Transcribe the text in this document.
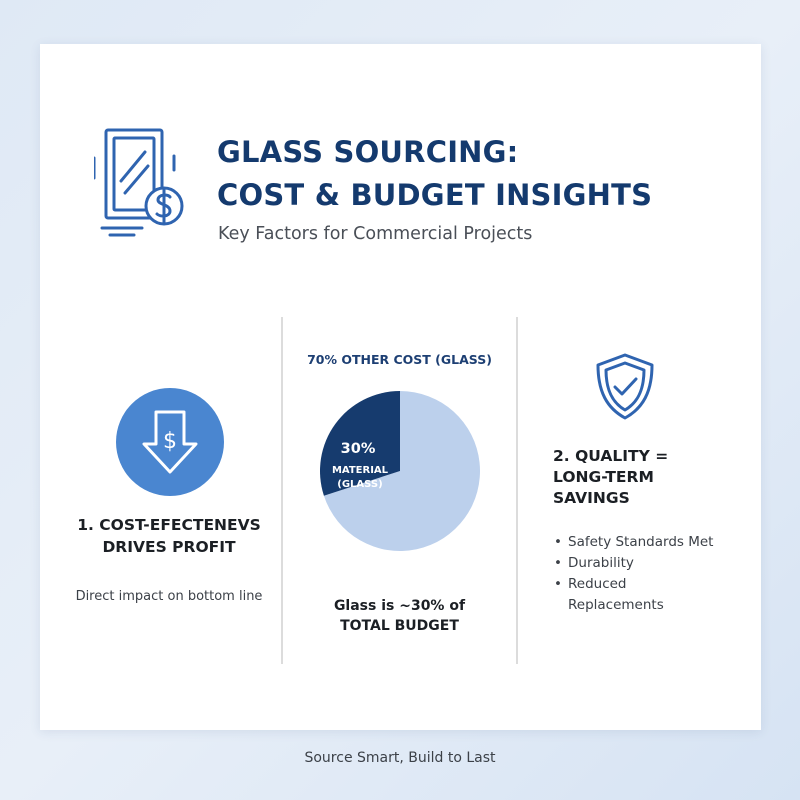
GLASS SOURCING:
COST & BUDGET INSIGHTS
Key Factors for Commercial Projects
$
1. COST-EFECTENEVS
DRIVES PROFIT
Direct impact on bottom line
70% OTHER COST (GLASS)
30%
MATERIAL
(GLASS)
Glass is ~30% of
TOTAL BUDGET
2. QUALITY =
LONG-TERM
SAVINGS
• Safety Standards Met
• Durability
• Reduced
Replacements
Source Smart, Build to Last
